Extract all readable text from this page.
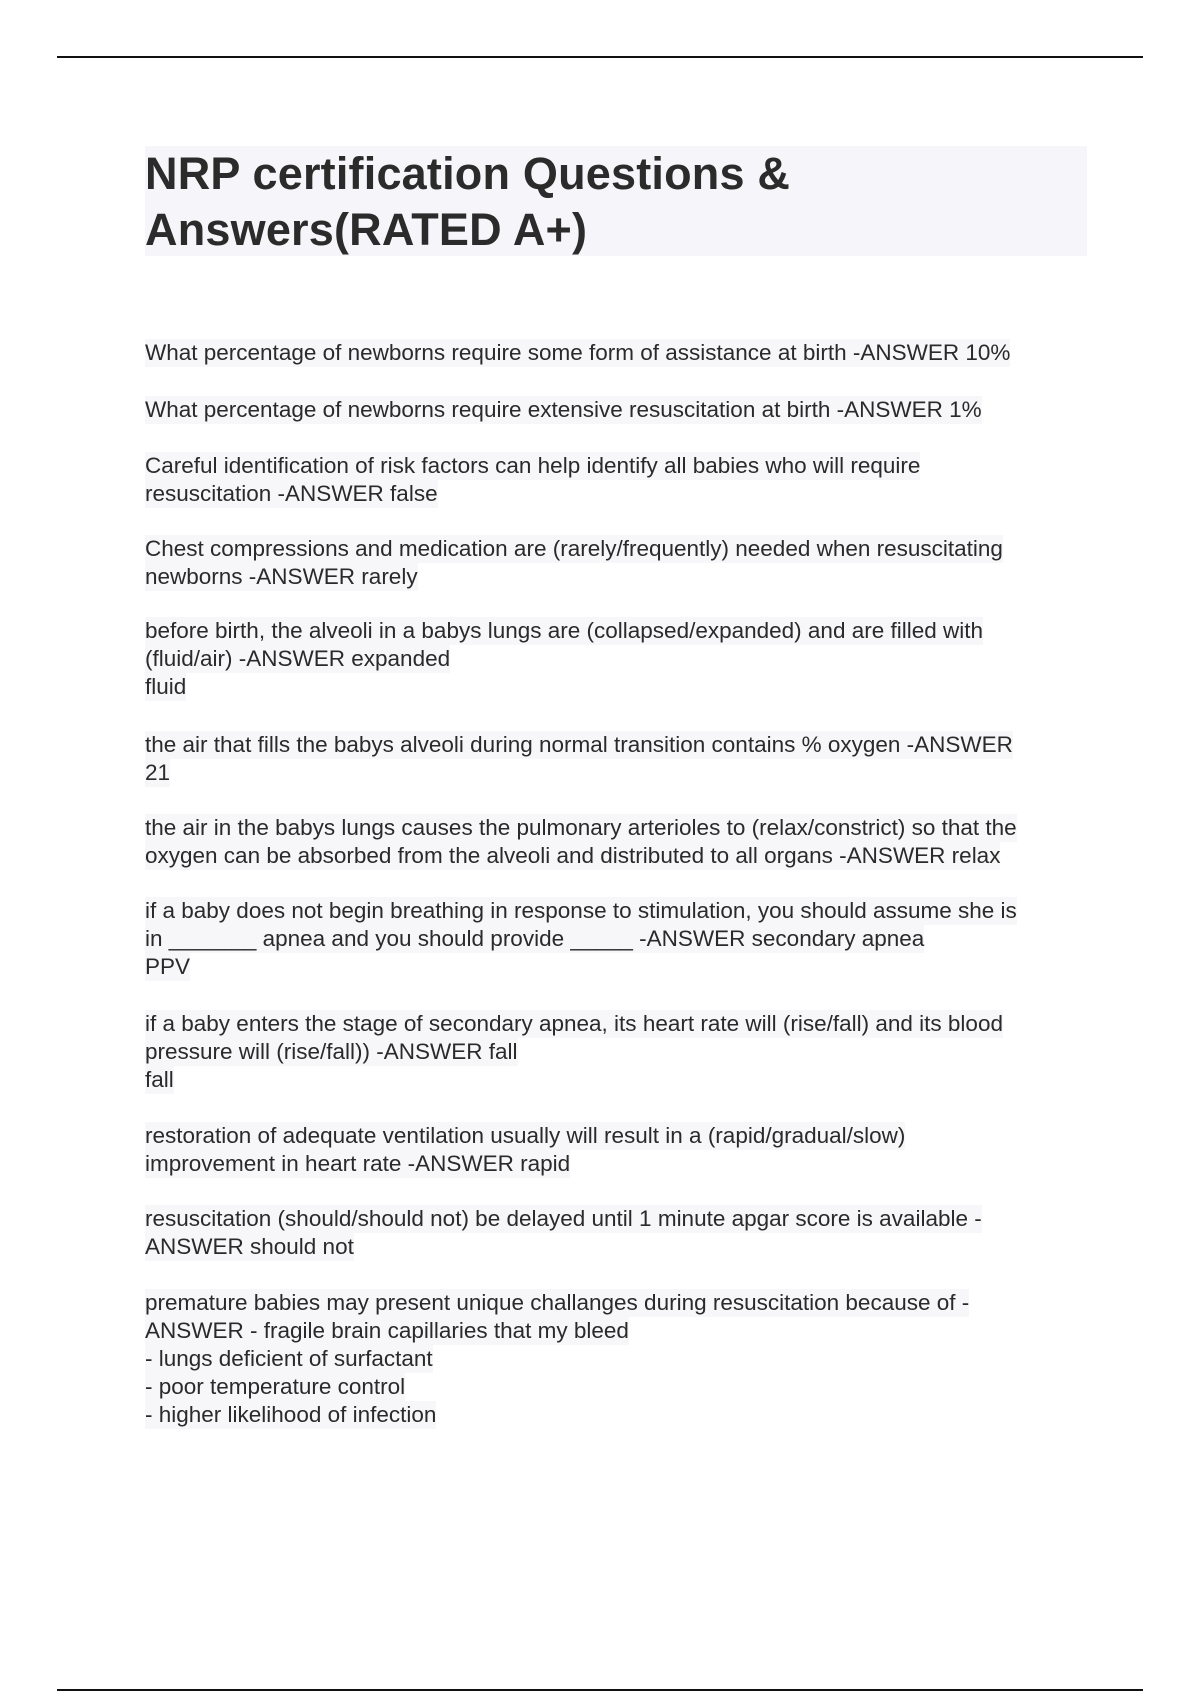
NRP certification Questions &
Answers(RATED A+)

What percentage of newborns require some form of assistance at birth -ANSWER 10%
What percentage of newborns require extensive resuscitation at birth -ANSWER 1%
Careful identification of risk factors can help identify all babies who will require
resuscitation -ANSWER false
Chest compressions and medication are (rarely/frequently) needed when resuscitating
newborns -ANSWER rarely
before birth, the alveoli in a babys lungs are (collapsed/expanded) and are filled with
(fluid/air) -ANSWER expanded
fluid
the air that fills the babys alveoli during normal transition contains % oxygen -ANSWER
21
the air in the babys lungs causes the pulmonary arterioles to (relax/constrict) so that the
oxygen can be absorbed from the alveoli and distributed to all organs -ANSWER relax
if a baby does not begin breathing in response to stimulation, you should assume she is
in _______ apnea and you should provide _____ -ANSWER secondary apnea
PPV
if a baby enters the stage of secondary apnea, its heart rate will (rise/fall) and its blood
pressure will (rise/fall)) -ANSWER fall
fall
restoration of adequate ventilation usually will result in a (rapid/gradual/slow)
improvement in heart rate -ANSWER rapid
resuscitation (should/should not) be delayed until 1 minute apgar score is available -
ANSWER should not
premature babies may present unique challanges during resuscitation because of -
ANSWER - fragile brain capillaries that my bleed
- lungs deficient of surfactant
- poor temperature control
- higher likelihood of infection
